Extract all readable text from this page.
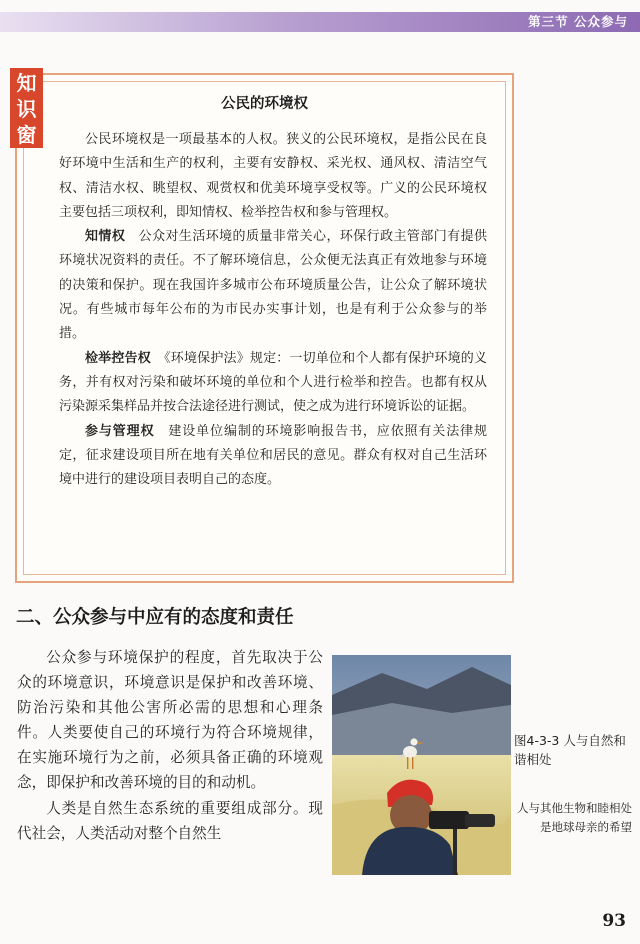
第三节 公众参与
知识窗
公民的环境权

公民环境权是一项最基本的人权。狭义的公民环境权，是指公民在良好环境中生活和生产的权利，主要有安静权、采光权、通风权、清洁空气权、清洁水权、眺望权、观赏权和优美环境享受权等。广义的公民环境权主要包括三项权利，即知情权、检举控告权和参与管理权。

知情权　 公众对生活环境的质量非常关心，环保行政主管部门有提供环境状况资料的责任。不了解环境信息，公众便无法真正有效地参与环境的决策和保护。现在我国许多城市公布环境质量公告，让公众了解环境状况。有些城市每年公布的为市民办实事计划，也是有利于公众参与的举措。

检举控告权　 《环境保护法》规定：一切单位和个人都有保护环境的义务，并有权对污染和破坏环境的单位和个人进行检举和控告。也都有权从污染源采集样品并按合法途径进行测试，使之成为进行环境诉讼的证据。

参与管理权　 建设单位编制的环境影响报告书，应依照有关法律规定，征求建设项目所在地有关单位和居民的意见。群众有权对自己生活环境中进行的建设项目表明自己的态度。

二、公众参与中应有的态度和责任

公众参与环境保护的程度，首先取决于公众的环境意识，环境意识是保护和改善环境、防治污染和其他公害所必需的思想和心理条件。人类要使自己的环境行为符合环境规律，在实施环境行为之前，必须具备正确的环境观念，即保护和改善环境的目的和动机。

人类是自然生态系统的重要组成部分。现代社会，人类活动对整个自然生

图4-3-3 人与自然和谐相处
人与其他生物和睦相处是地球母亲的希望
93
